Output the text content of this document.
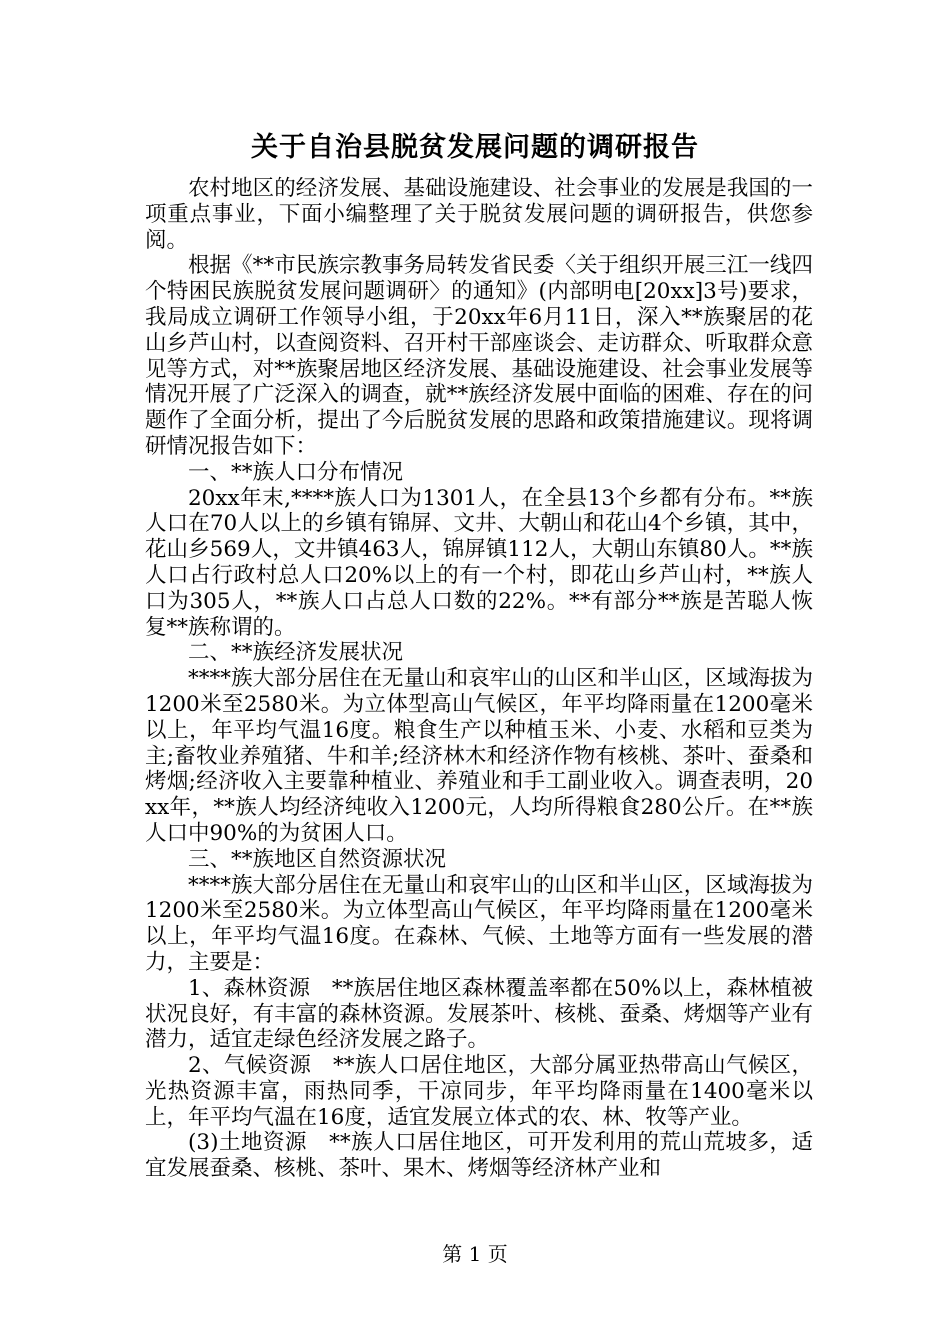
关于自治县脱贫发展问题的调研报告

农村地区的经济发展、基础设施建设、社会事业的发展是我国的一项重点事业，下面小编整理了关于脱贫发展问题的调研报告，供您参阅。

根据《**市民族宗教事务局转发省民委〈关于组织开展三江一线四个特困民族脱贫发展问题调研〉的通知》(内部明电[20xx]3号)要求，我局成立调研工作领导小组，于20xx年6月11日，深入**族聚居的花山乡芦山村，以查阅资料、召开村干部座谈会、走访群众、听取群众意见等方式，对**族聚居地区经济发展、基础设施建设、社会事业发展等情况开展了广泛深入的调查，就**族经济发展中面临的困难、存在的问题作了全面分析，提出了今后脱贫发展的思路和政策措施建议。现将调研情况报告如下：

一、**族人口分布情况

20xx年末,****族人口为1301人，在全县13个乡都有分布。**族人口在70人以上的乡镇有锦屏、文井、大朝山和花山4个乡镇，其中，花山乡569人，文井镇463人，锦屏镇112人，大朝山东镇80人。**族人口占行政村总人口20%以上的有一个村，即花山乡芦山村，**族人口为305人，**族人口占总人口数的22%。**有部分**族是苦聪人恢复**族称谓的。

二、**族经济发展状况

****族大部分居住在无量山和哀牢山的山区和半山区，区域海拔为1200米至2580米。为立体型高山气候区，年平均降雨量在1200毫米以上，年平均气温16度。粮食生产以种植玉米、小麦、水稻和豆类为主;畜牧业养殖猪、牛和羊;经济林木和经济作物有核桃、茶叶、蚕桑和烤烟;经济收入主要靠种植业、养殖业和手工副业收入。调查表明，20xx年，**族人均经济纯收入1200元，人均所得粮食280公斤。在**族人口中90%的为贫困人口。

三、**族地区自然资源状况

****族大部分居住在无量山和哀牢山的山区和半山区，区域海拔为1200米至2580米。为立体型高山气候区，年平均降雨量在1200毫米以上，年平均气温16度。在森林、气候、土地等方面有一些发展的潜力，主要是：

1、森林资源　**族居住地区森林覆盖率都在50%以上，森林植被状况良好，有丰富的森林资源。发展茶叶、核桃、蚕桑、烤烟等产业有潜力，适宜走绿色经济发展之路子。

2、气候资源　**族人口居住地区，大部分属亚热带高山气候区，光热资源丰富，雨热同季，干凉同步，年平均降雨量在1400毫米以上，年平均气温在16度，适宜发展立体式的农、林、牧等产业。

(3)土地资源　**族人口居住地区，可开发利用的荒山荒坡多，适宜发展蚕桑、核桃、茶叶、果木、烤烟等经济林产业和

第 1 页
